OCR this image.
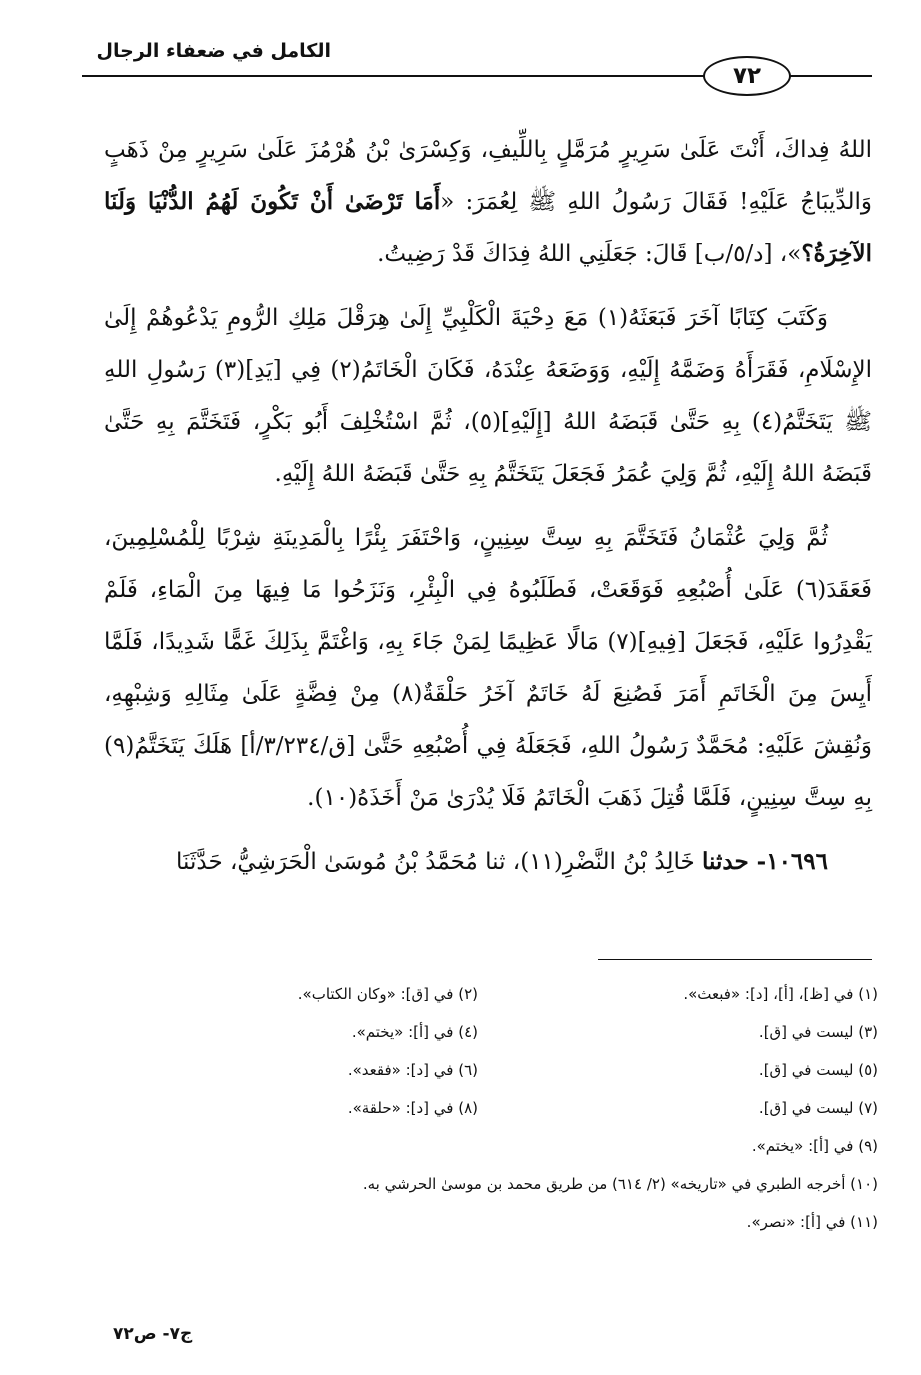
الكامل في ضعفاء الرجال
٧٢

اللهُ فِداكَ، أَنْتَ عَلَىٰ سَرِيرٍ مُرَمَّلٍ بِاللِّيفِ، وَكِسْرَىٰ بْنُ هُرْمُزَ عَلَىٰ سَرِيرٍ مِنْ ذَهَبٍ وَالدِّيبَاجُ عَلَيْهِ! فَقَالَ رَسُولُ اللهِ ﷺ لِعُمَرَ: «أَمَا تَرْضَىٰ أَنْ تَكُونَ لَهُمُ الدُّنْيَا وَلَنَا الآخِرَةُ؟»، [د/٥/ب] قَالَ: جَعَلَنِي اللهُ فِدَاكَ قَدْ رَضِيتُ.

وَكَتَبَ كِتَابًا آخَرَ فَبَعَثَهُ(١) مَعَ دِحْيَةَ الْكَلْبِيِّ إِلَىٰ هِرَقْلَ مَلِكِ الرُّومِ يَدْعُوهُمْ إِلَىٰ الإِسْلَامِ، فَقَرَأَهُ وَضَمَّهُ إِلَيْهِ، وَوَضَعَهُ عِنْدَهُ، فَكَانَ الْخَاتَمُ(٢) فِي [يَدِ](٣) رَسُولِ اللهِ ﷺ يَتَخَتَّمُ(٤) بِهِ حَتَّىٰ قَبَضَهُ اللهُ [إِلَيْهِ](٥)، ثُمَّ اسْتُخْلِفَ أَبُو بَكْرٍ، فَتَخَتَّمَ بِهِ حَتَّىٰ قَبَضَهُ اللهُ إِلَيْهِ، ثُمَّ وَلِيَ عُمَرُ فَجَعَلَ يَتَخَتَّمُ بِهِ حَتَّىٰ قَبَضَهُ اللهُ إِلَيْهِ.

ثُمَّ وَلِيَ عُثْمَانُ فَتَخَتَّمَ بِهِ سِتَّ سِنِينٍ، وَاحْتَفَرَ بِئْرًا بِالْمَدِينَةِ شِرْبًا لِلْمُسْلِمِينَ، فَعَقَدَ(٦) عَلَىٰ أُصْبُعِهِ فَوَقَعَتْ، فَطَلَبُوهُ فِي الْبِئْرِ، وَنَزَحُوا مَا فِيهَا مِنَ الْمَاءِ، فَلَمْ يَقْدِرُوا عَلَيْهِ، فَجَعَلَ [فِيهِ](٧) مَالًا عَظِيمًا لِمَنْ جَاءَ بِهِ، وَاغْتَمَّ بِذَلِكَ غَمًّا شَدِيدًا، فَلَمَّا أَيِسَ مِنَ الْخَاتَمِ أَمَرَ فَصُنِعَ لَهُ خَاتَمٌ آخَرُ حَلْقَةٌ(٨) مِنْ فِضَّةٍ عَلَىٰ مِثَالِهِ وَشِبْهِهِ، وَنُقِشَ عَلَيْهِ: مُحَمَّدٌ رَسُولُ اللهِ، فَجَعَلَهُ فِي أُصْبُعِهِ حَتَّىٰ [ق/٣/٢٣٤/أ] هَلَكَ يَتَخَتَّمُ(٩) بِهِ سِتَّ سِنِينٍ، فَلَمَّا قُتِلَ ذَهَبَ الْخَاتَمُ فَلَا يُدْرَىٰ مَنْ أَخَذَهُ(١٠).

١٠٦٩٦- حدثنا خَالِدُ بْنُ النَّضْرِ(١١)، ثنا مُحَمَّدُ بْنُ مُوسَىٰ الْحَرَشِيُّ، حَدَّثَنَا

(١) في [ظ]، [أ]، [د]: «فبعث».
(٢) في [ق]: «وكان الكتاب».
(٣) ليست في [ق].
(٤) في [أ]: «يختم».
(٥) ليست في [ق].
(٦) في [د]: «فقعد».
(٧) ليست في [ق].
(٨) في [د]: «حلقة».
(٩) في [أ]: «يختم».
(١٠) أخرجه الطبري في «تاريخه» (٢/ ٦١٤) من طريق محمد بن موسىٰ الحرشي به.
(١١) في [أ]: «نصر».
ج٧- ص٧٢
